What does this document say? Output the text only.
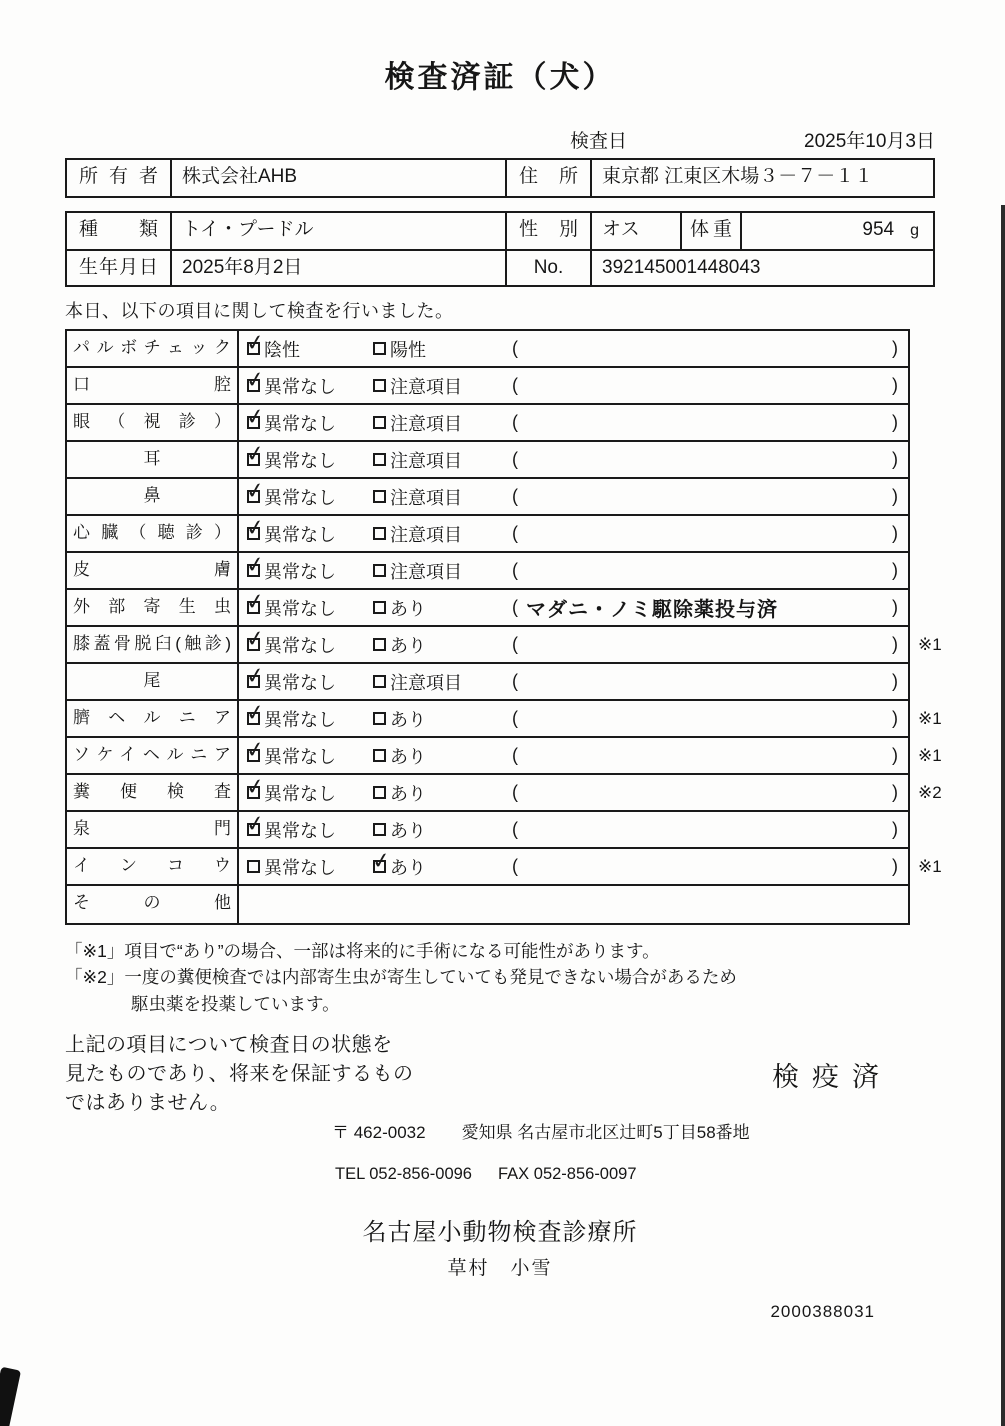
検査済証（犬）
検査日	2025年10月3日
所有者	株式会社AHB	住所	東京都 江東区木場３－７－１１
種類	トイ・プードル	性別	オス	体重	954 g
生年月日	2025年8月2日	No.	392145001448043
本日、以下の項目に関して検査を行いました。
パルボチェック ✓	陰性	陽性	(	)
口腔 ✓	異常なし	注意項目	(	)
眼（視診） ✓	異常なし	注意項目	(	)
耳 ✓	異常なし	注意項目	(	)
鼻 ✓	異常なし	注意項目	(	)
心臓（聴診） ✓	異常なし	注意項目	(	)
皮膚 ✓	異常なし	注意項目	(	)
外部寄生虫 ✓	異常なし	あり	( マダニ・ノミ駆除薬投与済	)
膝蓋骨脱臼(触診) ✓	異常なし	あり	(	) ※1
尾 ✓	異常なし	注意項目	(	)
臍ヘルニア ✓	異常なし	あり	(	) ※1
ソケイヘルニア ✓	異常なし	あり	(	) ※1
糞便検査 ✓	異常なし	あり	(	) ※2
泉門 ✓	異常なし	あり	(	)
インコウ	異常なし ✓	あり	(	) ※1
その他
「※1」項目で“あり”の場合、一部は将来的に手術になる可能性があります。
「※2」一度の糞便検査では内部寄生虫が寄生していても発見できない場合があるため
駆虫薬を投薬しています。
上記の項目について検査日の状態を
見たものであり、将来を保証するもの
ではありません。
検疫済
〒 462-0032 愛知県 名古屋市北区辻町5丁目58番地
TEL 052-856-0096 FAX 052-856-0097
名古屋小動物検査診療所
草村　小雪
2000388031
